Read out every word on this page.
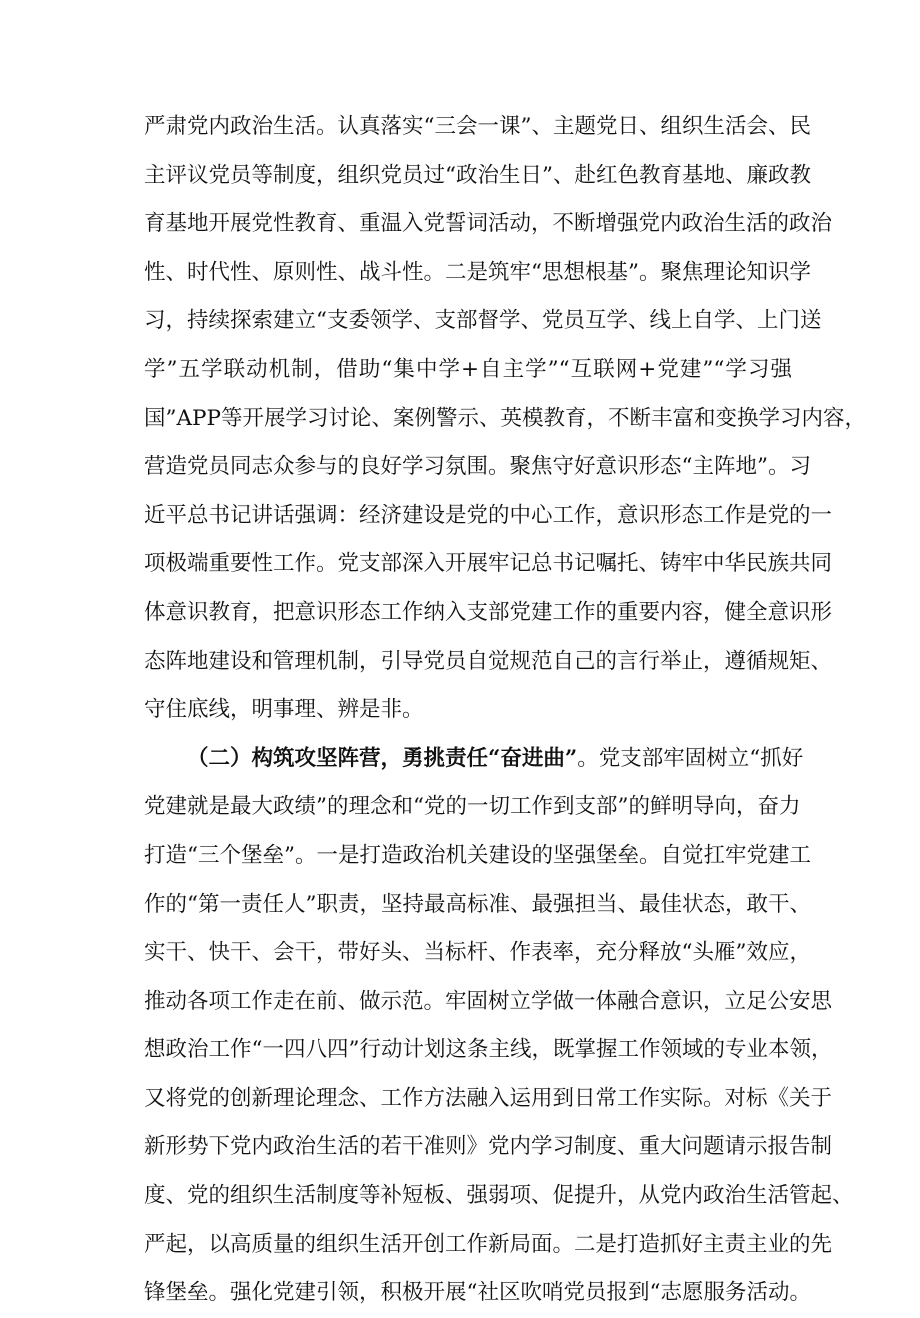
严肃党内政治生活。认真落实“三会一课”、主题党日、组织生活会、民
主评议党员等制度，组织党员过“政治生日”、赴红色教育基地、廉政教
育基地开展党性教育、重温入党誓词活动，不断增强党内政治生活的政治
性、时代性、原则性、战斗性。二是筑牢“思想根基”。聚焦理论知识学
习，持续探索建立“支委领学、支部督学、党员互学、线上自学、上门送
学”五学联动机制，借助“集中学+自主学”“互联网+党建”“学习强
国”APP等开展学习讨论、案例警示、英模教育，不断丰富和变换学习内容，
营造党员同志众参与的良好学习氛围。聚焦守好意识形态“主阵地”。习
近平总书记讲话强调：经济建设是党的中心工作，意识形态工作是党的一
项极端重要性工作。党支部深入开展牢记总书记嘱托、铸牢中华民族共同
体意识教育，把意识形态工作纳入支部党建工作的重要内容，健全意识形
态阵地建设和管理机制，引导党员自觉规范自己的言行举止，遵循规矩、
守住底线，明事理、辨是非。
（二）构筑攻坚阵营，勇挑责任“奋进曲”。党支部牢固树立“抓好
党建就是最大政绩”的理念和“党的一切工作到支部”的鲜明导向，奋力
打造“三个堡垒”。一是打造政治机关建设的坚强堡垒。自觉扛牢党建工
作的“第一责任人”职责，坚持最高标准、最强担当、最佳状态，敢干、
实干、快干、会干，带好头、当标杆、作表率，充分释放“头雁”效应，
推动各项工作走在前、做示范。牢固树立学做一体融合意识，立足公安思
想政治工作“一四八四”行动计划这条主线，既掌握工作领域的专业本领，
又将党的创新理论理念、工作方法融入运用到日常工作实际。对标《关于
新形势下党内政治生活的若干准则》党内学习制度、重大问题请示报告制
度、党的组织生活制度等补短板、强弱项、促提升，从党内政治生活管起、
严起，以高质量的组织生活开创工作新局面。二是打造抓好主责主业的先
锋堡垒。强化党建引领，积极开展“社区吹哨党员报到“志愿服务活动。
